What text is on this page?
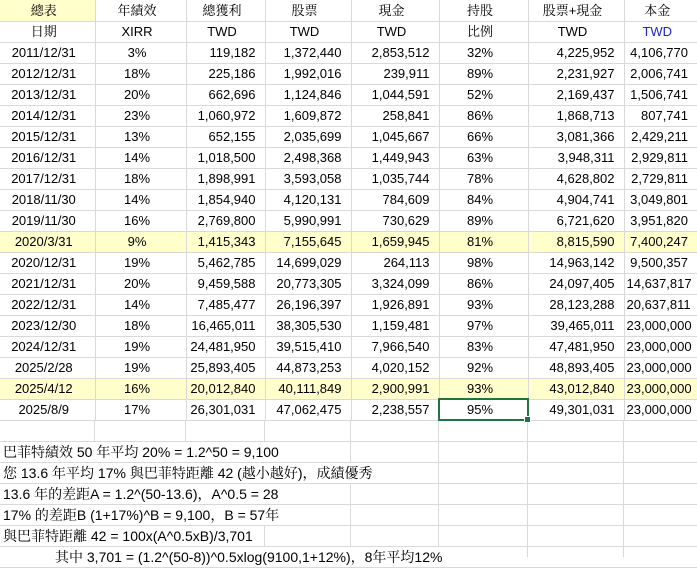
總表	年績效	總獲利	股票	現金	持股	股票+現金	本金
日期	XIRR	TWD	TWD	TWD	比例	TWD	TWD
2011/12/31	3%	119,182	1,372,440	2,853,512	32%	4,225,952	4,106,770
2012/12/31	18%	225,186	1,992,016	239,911	89%	2,231,927	2,006,741
2013/12/31	20%	662,696	1,124,846	1,044,591	52%	2,169,437	1,506,741
2014/12/31	23%	1,060,972	1,609,872	258,841	86%	1,868,713	807,741
2015/12/31	13%	652,155	2,035,699	1,045,667	66%	3,081,366	2,429,211
2016/12/31	14%	1,018,500	2,498,368	1,449,943	63%	3,948,311	2,929,811
2017/12/31	18%	1,898,991	3,593,058	1,035,744	78%	4,628,802	2,729,811
2018/11/30	14%	1,854,940	4,120,131	784,609	84%	4,904,741	3,049,801
2019/11/30	16%	2,769,800	5,990,991	730,629	89%	6,721,620	3,951,820
2020/3/31	9%	1,415,343	7,155,645	1,659,945	81%	8,815,590	7,400,247
2020/12/31	19%	5,462,785	14,699,029	264,113	98%	14,963,142	9,500,357
2021/12/31	20%	9,459,588	20,773,305	3,324,099	86%	24,097,405	14,637,817
2022/12/31	14%	7,485,477	26,196,397	1,926,891	93%	28,123,288	20,637,811
2023/12/30	18%	16,465,011	38,305,530	1,159,481	97%	39,465,011	23,000,000
2024/12/31	19%	24,481,950	39,515,410	7,966,540	83%	47,481,950	23,000,000
2025/2/28	19%	25,893,405	44,873,253	4,020,152	92%	48,893,405	23,000,000
2025/4/12	16%	20,012,840	40,111,849	2,900,991	93%	43,012,840	23,000,000
2025/8/9	17%	26,301,031	47,062,475	2,238,557	95%	49,301,031	23,000,000
巴菲特績效 50 年平均 20% = 1.2^50 = 9,100
您 13.6 年平均 17% 與巴菲特距離 42 (越小越好)，成績優秀
13.6 年的差距A = 1.2^(50-13.6)，A^0.5 = 28
17% 的差距B (1+17%)^B = 9,100，B = 57年
與巴菲特距離 42 = 100x(A^0.5xB)/3,701
其中 3,701 = (1.2^(50-8))^0.5xlog(9100,1+12%)，8年平均12%
